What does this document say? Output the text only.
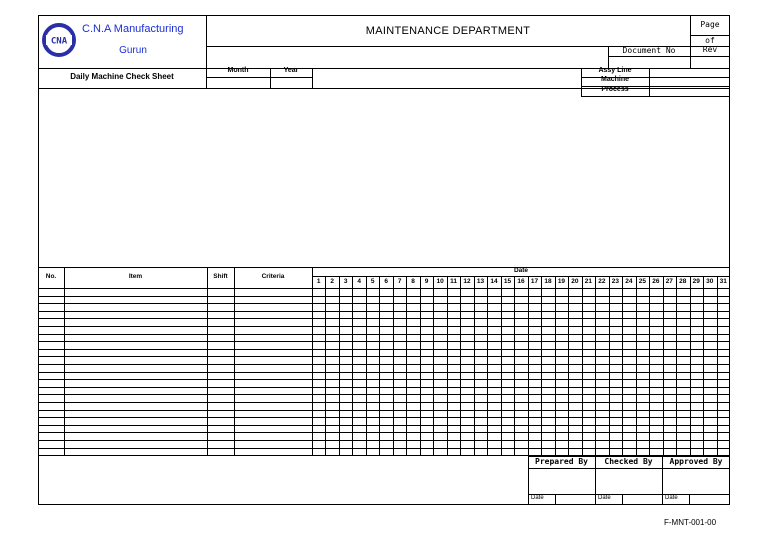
CNA
C.N.A Manufacturing
Gurun
MAINTENANCE DEPARTMENT
Page
of
Document No	Rev
Daily Machine Check Sheet
Month	Year	Assy Line
Machine
Process
No.	Item	Shift	Criteria
Date
1	2	3	4	5	6	7	8	9	10 11 12 13 14 15 16 17 18 19 20 21 22 23 24 25 26 27 28 29 30 31
Prepared By	Checked By	Approved By
Date	Date	Date
F-MNT-001-00
